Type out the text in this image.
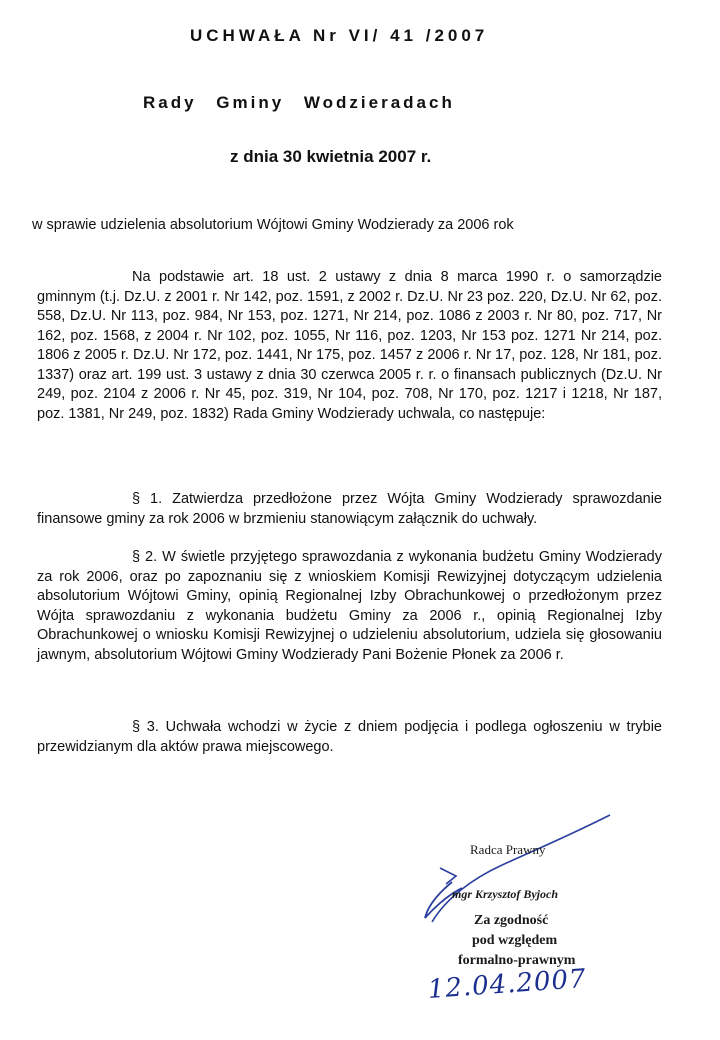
UCHWAŁA Nr VI/ 41 /2007
Rady Gminy Wodzieradach
z dnia 30 kwietnia 2007 r.
w sprawie udzielenia absolutorium Wójtowi Gminy Wodzierady za 2006 rok

Na podstawie art. 18 ust. 2 ustawy z dnia 8 marca 1990 r. o samorządzie gminnym (t.j. Dz.U. z 2001 r. Nr 142, poz. 1591, z 2002 r. Dz.U. Nr 23 poz. 220, Dz.U. Nr 62, poz. 558, Dz.U. Nr 113, poz. 984, Nr 153, poz. 1271, Nr 214, poz. 1086 z 2003 r. Nr 80, poz. 717, Nr 162, poz. 1568, z 2004 r. Nr 102, poz. 1055, Nr 116, poz. 1203, Nr 153 poz. 1271 Nr 214, poz. 1806 z 2005 r. Dz.U. Nr 172, poz. 1441, Nr 175, poz. 1457 z 2006 r. Nr 17, poz. 128, Nr 181, poz. 1337) oraz art. 199 ust. 3 ustawy z dnia 30 czerwca 2005 r. r. o finansach publicznych (Dz.U. Nr 249, poz. 2104 z 2006 r. Nr 45, poz. 319, Nr 104, poz. 708, Nr 170, poz. 1217 i 1218, Nr 187, poz. 1381, Nr 249, poz. 1832) Rada Gminy Wodzierady uchwala, co następuje:

§ 1. Zatwierdza przedłożone przez Wójta Gminy Wodzierady sprawozdanie finansowe gminy za rok 2006 w brzmieniu stanowiącym załącznik do uchwały.

§ 2. W świetle przyjętego sprawozdania z wykonania budżetu Gminy Wodzierady za rok 2006, oraz po zapoznaniu się z wnioskiem Komisji Rewizyjnej dotyczącym udzielenia absolutorium Wójtowi Gminy, opinią Regionalnej Izby Obrachunkowej o przedłożonym przez Wójta sprawozdaniu z wykonania budżetu Gminy za 2006 r., opinią Regionalnej Izby Obrachunkowej o wniosku Komisji Rewizyjnej o udzieleniu absolutorium, udziela się głosowaniu jawnym, absolutorium Wójtowi Gminy Wodzierady Pani Bożenie Płonek za 2006 r.

§ 3. Uchwała wchodzi w życie z dniem podjęcia i podlega ogłoszeniu w trybie przewidzianym dla aktów prawa miejscowego.

Radca Prawny
mgr Krzysztof Byjoch
Za zgodność
pod względem
formalno-prawnym
12.04.2007
